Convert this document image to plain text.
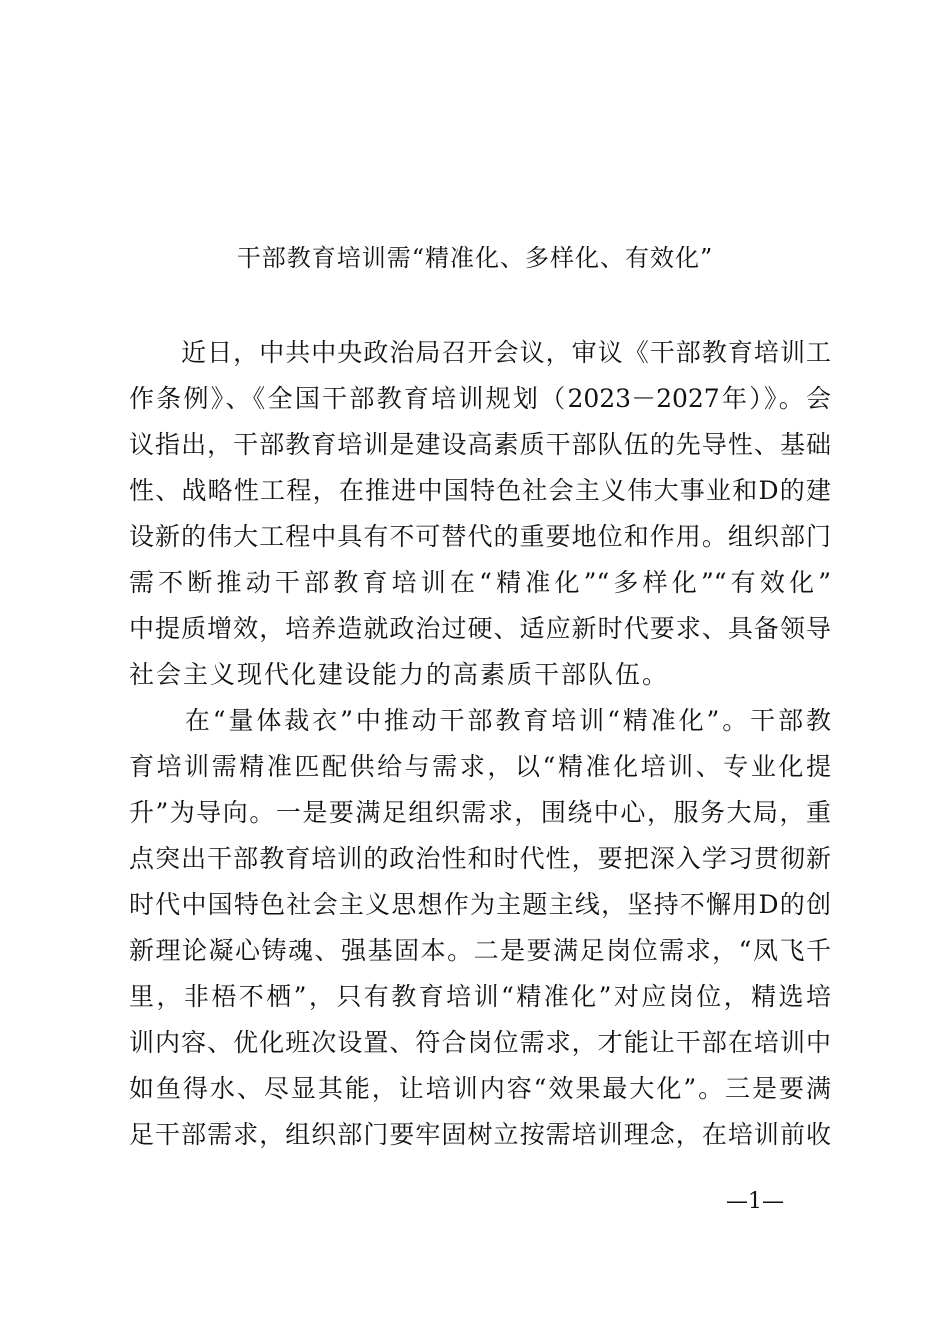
干部教育培训需“精准化、多样化、有效化”
　　近日，中共中央政治局召开会议，审议《干部教育培训工
作条例》、《全国干部教育培训规划（2023－2027年）》。会
议指出，干部教育培训是建设高素质干部队伍的先导性、基础
性、战略性工程，在推进中国特色社会主义伟大事业和D的建
设新的伟大工程中具有不可替代的重要地位和作用。组织部门
需不断推动干部教育培训在“精准化”“多样化”“有效化”
中提质增效，培养造就政治过硬、适应新时代要求、具备领导
社会主义现代化建设能力的高素质干部队伍。
　　在“量体裁衣”中推动干部教育培训“精准化”。干部教
育培训需精准匹配供给与需求，以“精准化培训、专业化提
升”为导向。一是要满足组织需求，围绕中心，服务大局，重
点突出干部教育培训的政治性和时代性，要把深入学习贯彻新
时代中国特色社会主义思想作为主题主线，坚持不懈用D的创
新理论凝心铸魂、强基固本。二是要满足岗位需求，“凤飞千
里，非梧不栖”，只有教育培训“精准化”对应岗位，精选培
训内容、优化班次设置、符合岗位需求，才能让干部在培训中
如鱼得水、尽显其能，让培训内容“效果最大化”。三是要满
足干部需求，组织部门要牢固树立按需培训理念，在培训前收
—1—
